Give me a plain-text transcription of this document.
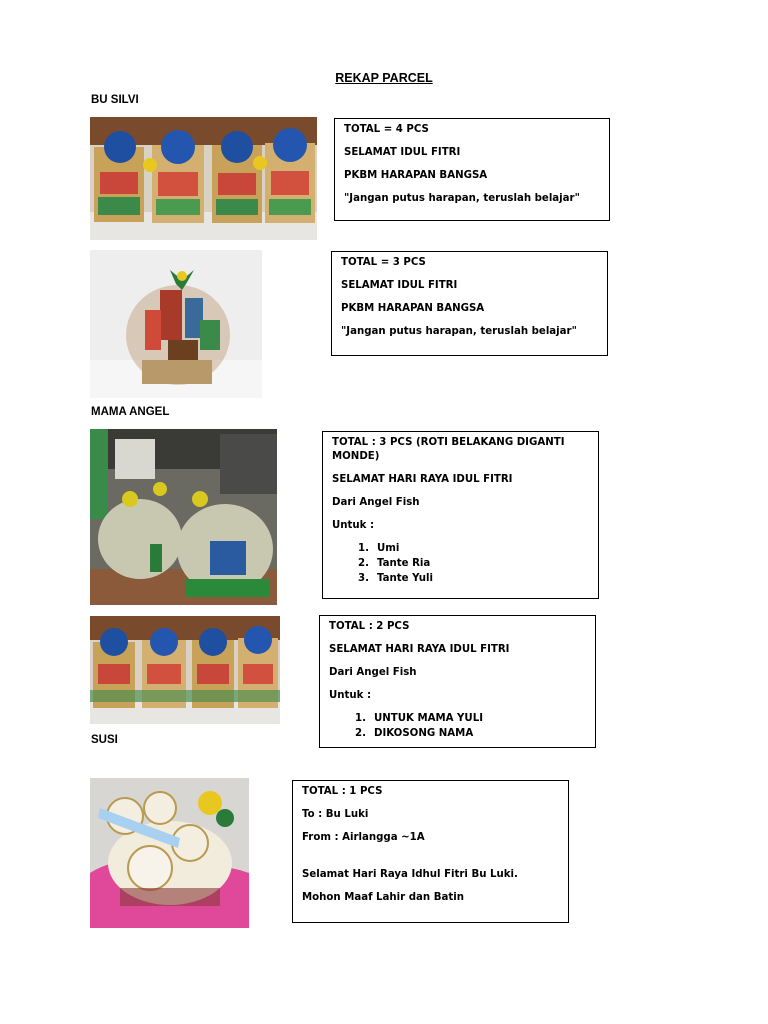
REKAP PARCEL
BU SILVI
MAMA ANGEL
SUSI

TOTAL = 4 PCS

SELAMAT IDUL FITRI

PKBM HARAPAN BANGSA

"Jangan putus harapan, teruslah belajar"

TOTAL = 3 PCS

SELAMAT IDUL FITRI

PKBM HARAPAN BANGSA

"Jangan putus harapan, teruslah belajar"

TOTAL : 3 PCS (ROTI BELAKANG DIGANTI MONDE)

SELAMAT HARI RAYA IDUL FITRI

Dari Angel Fish

Untuk :

1. Umi
2. Tante Ria
3. Tante Yuli

TOTAL : 2 PCS

SELAMAT HARI RAYA IDUL FITRI

Dari Angel Fish

Untuk :

1. UNTUK MAMA YULI
2. DIKOSONG NAMA

TOTAL : 1 PCS

To : Bu Luki

From : Airlangga ~1A

Selamat Hari Raya Idhul Fitri Bu Luki.

Mohon Maaf Lahir dan Batin
